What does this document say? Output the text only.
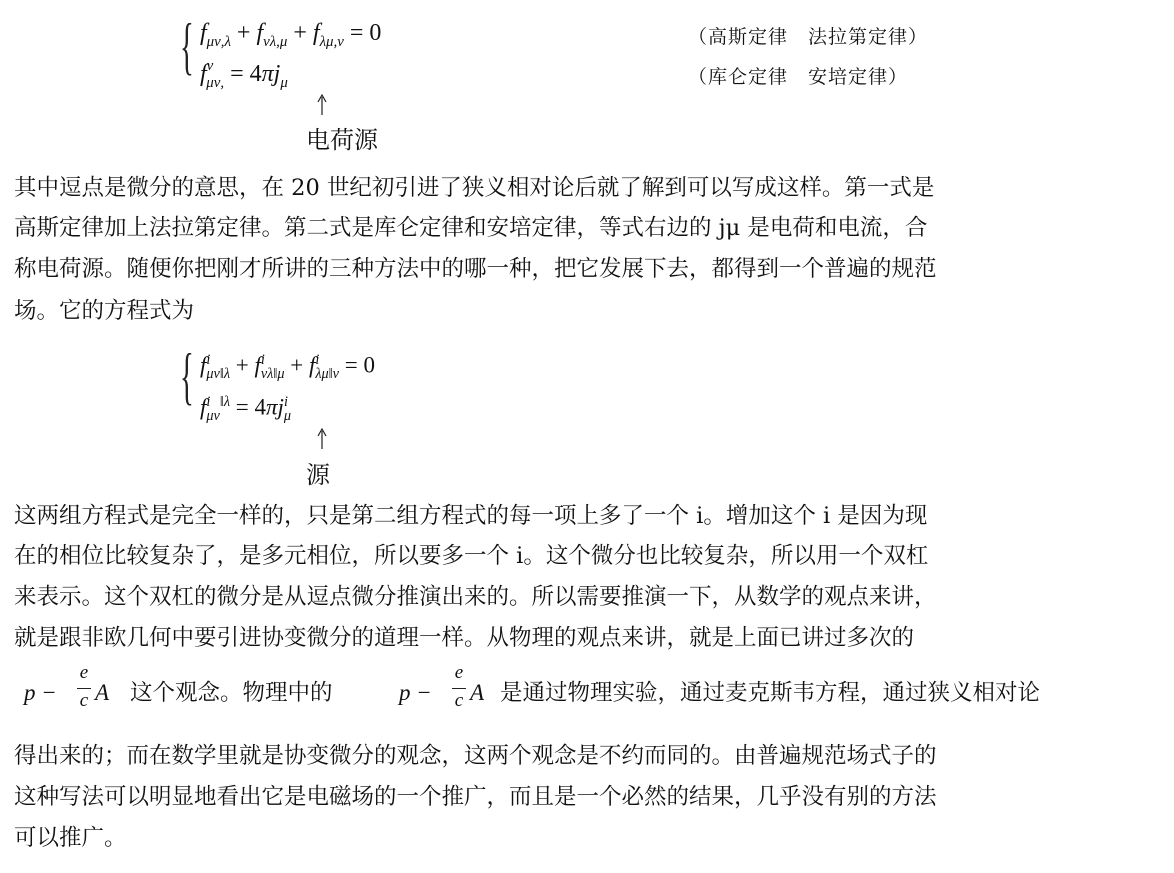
{ $f_{\mu\nu,\lambda} + f_{\nu\lambda,\mu} + f_{\lambda\mu,\nu} = 0$
$f^\nu_{\mu\nu,} = 4\pi j_\mu$
（高斯定律　法拉第定律）
（库仑定律　安培定律）
电荷源
其中逗点是微分的意思，在 20 世纪初引进了狭义相对论后就了解到可以写成这样。第一式是
高斯定律加上法拉第定律。第二式是库仑定律和安培定律，等式右边的 jμ 是电荷和电流，合
称电荷源。随便你把刚才所讲的三种方法中的哪一种，把它发展下去，都得到一个普遍的规范
场。它的方程式为
{ $f^i_{\mu\nu‖\lambda} + f^i_{\nu\lambda‖\mu} + f^i_{\lambda\mu‖\nu} = 0$
$f^i_{\mu\nu}^{‖\lambda} = 4\pi j^i_\mu$
源
这两组方程式是完全一样的，只是第二组方程式的每一项上多了一个 i。增加这个 i 是因为现
在的相位比较复杂了，是多元相位，所以要多一个 i。这个微分也比较复杂，所以用一个双杠
来表示。这个双杠的微分是从逗点微分推演出来的。所以需要推演一下，从数学的观点来讲，
就是跟非欧几何中要引进协变微分的道理一样。从物理的观点来讲，就是上面已讲过多次的
p −
e
c A 这个观念。物理中的	p −
e
c A 是通过物理实验，通过麦克斯韦方程，通过狭义相对论
得出来的；而在数学里就是协变微分的观念，这两个观念是不约而同的。由普遍规范场式子的
这种写法可以明显地看出它是电磁场的一个推广，而且是一个必然的结果，几乎没有别的方法
可以推广。
